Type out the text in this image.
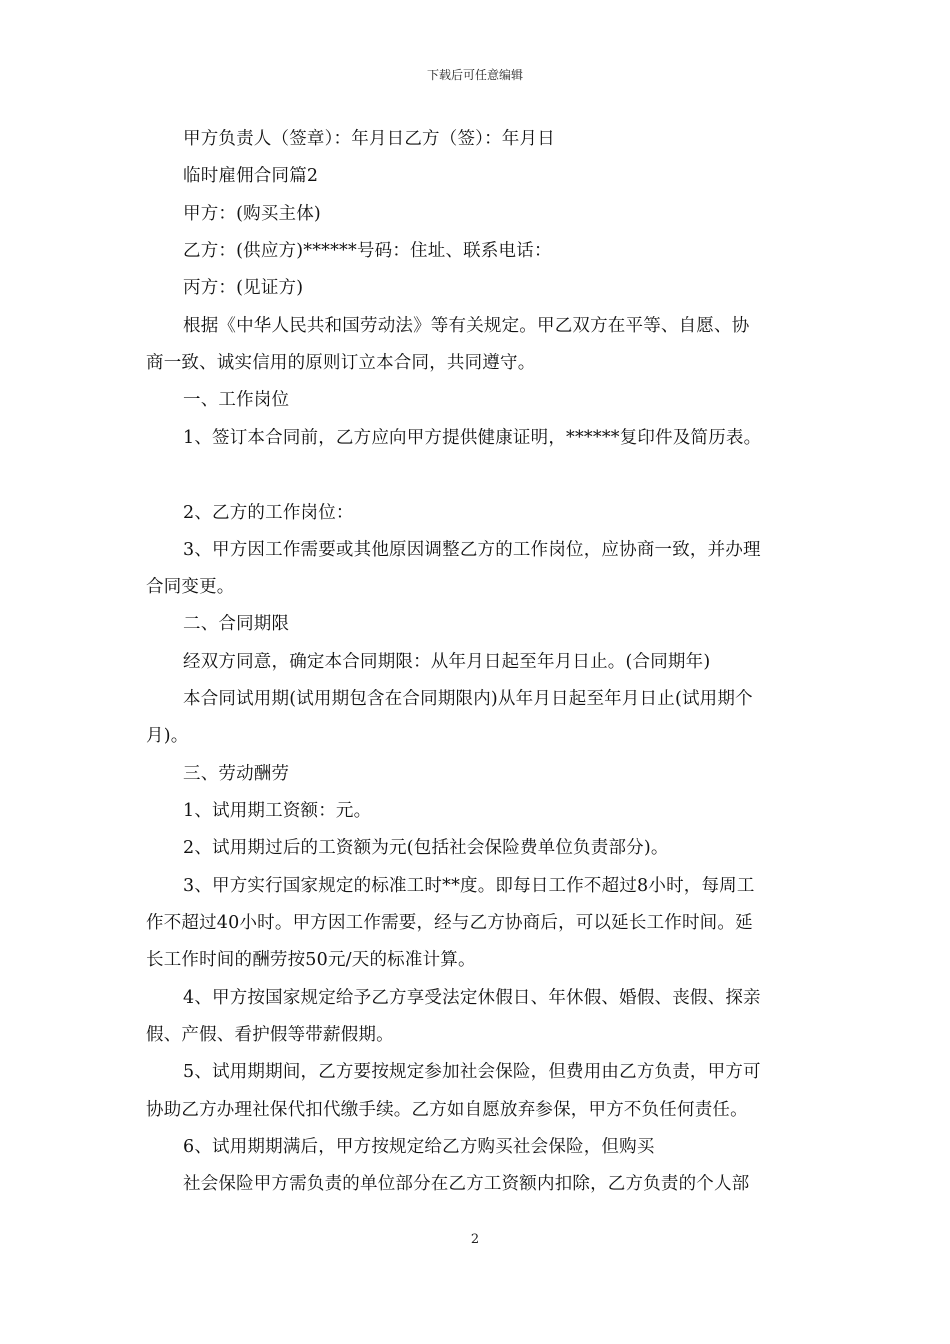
下载后可任意编辑
甲方负责人（签章）：年月日乙方（签）：年月日
临时雇佣合同篇2
甲方：(购买主体)
乙方：(供应方)******号码：住址、联系电话：
丙方：(见证方)
根据《中华人民共和国劳动法》等有关规定。甲乙双方在平等、自愿、协
商一致、诚实信用的原则订立本合同，共同遵守。
一、工作岗位
1、签订本合同前，乙方应向甲方提供健康证明，******复印件及简历表。
2、乙方的工作岗位：
3、甲方因工作需要或其他原因调整乙方的工作岗位，应协商一致，并办理
合同变更。
二、合同期限
经双方同意，确定本合同期限：从年月日起至年月日止。(合同期年)
本合同试用期(试用期包含在合同期限内)从年月日起至年月日止(试用期个
月)。
三、劳动酬劳
1、试用期工资额：元。
2、试用期过后的工资额为元(包括社会保险费单位负责部分)。
3、甲方实行国家规定的标准工时**度。即每日工作不超过8小时，每周工
作不超过40小时。甲方因工作需要，经与乙方协商后，可以延长工作时间。延
长工作时间的酬劳按50元/天的标准计算。
4、甲方按国家规定给予乙方享受法定休假日、年休假、婚假、丧假、探亲
假、产假、看护假等带薪假期。
5、试用期期间，乙方要按规定参加社会保险，但费用由乙方负责，甲方可
协助乙方办理社保代扣代缴手续。乙方如自愿放弃参保，甲方不负任何责任。
6、试用期期满后，甲方按规定给乙方购买社会保险，但购买
社会保险甲方需负责的单位部分在乙方工资额内扣除，乙方负责的个人部
2
